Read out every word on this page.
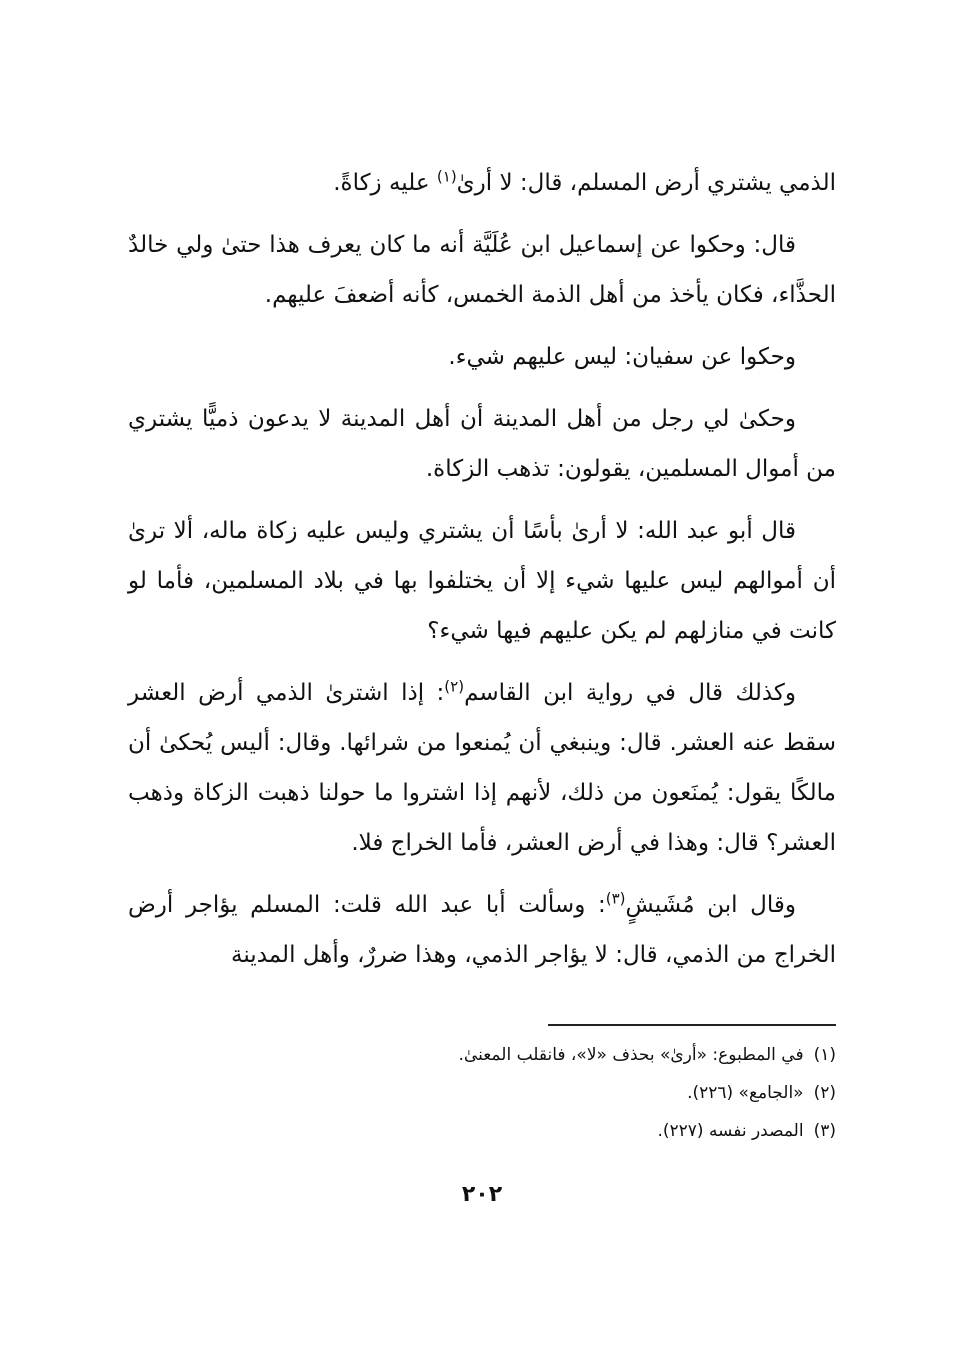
الذمي يشتري أرض المسلم، قال: لا أرىٰ$^{(١)}$ عليه زكاةً.

قال: وحكوا عن إسماعيل ابن عُلَيَّة أنه ما كان يعرف هذا حتىٰ ولي خالدٌ الحذَّاء، فكان يأخذ من أهل الذمة الخمس، كأنه أضعفَ عليهم.

وحكوا عن سفيان: ليس عليهم شيء.

وحكىٰ لي رجل من أهل المدينة أن أهل المدينة لا يدعون ذميًّا يشتري من أموال المسلمين، يقولون: تذهب الزكاة.

قال أبو عبد الله: لا أرىٰ بأسًا أن يشتري وليس عليه زكاة ماله، ألا ترىٰ أن أموالهم ليس عليها شيء إلا أن يختلفوا بها في بلاد المسلمين، فأما لو كانت في منازلهم لم يكن عليهم فيها شيء؟

وكذلك قال في رواية ابن القاسم$^{(٢)}$: إذا اشترىٰ الذمي أرض العشر سقط عنه العشر. قال: وينبغي أن يُمنعوا من شرائها. وقال: أليس يُحكىٰ أن مالكًا يقول: يُمنَعون من ذلك، لأنهم إذا اشتروا ما حولنا ذهبت الزكاة وذهب العشر؟ قال: وهذا في أرض العشر، فأما الخراج فلا.

وقال ابن مُشَيشٍ$^{(٣)}$: وسألت أبا عبد الله قلت: المسلم يؤاجر أرض الخراج من الذمي، قال: لا يؤاجر الذمي، وهذا ضررٌ، وأهل المدينة

(١)في المطبوع: «أرىٰ» بحذف «لا»، فانقلب المعنىٰ.

(٢)«الجامع» (٢٢٦).

(٣)المصدر نفسه (٢٢٧).

٢٠٢
